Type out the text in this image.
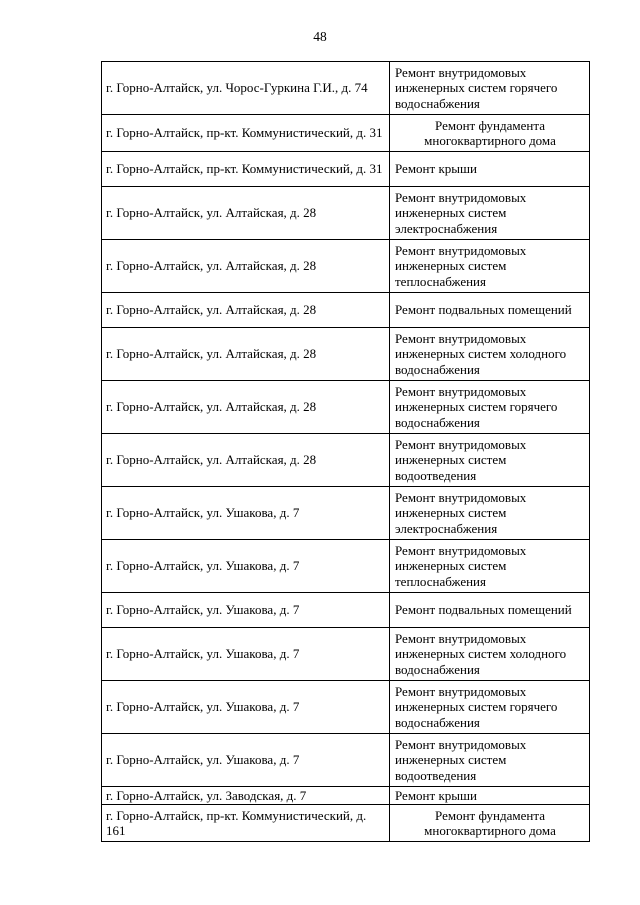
48
г. Горно-Алтайск, ул. Чорос-Гуркина Г.И., д. 74	Ремонт внутридомовых инженерных систем горячего водоснабжения
г. Горно-Алтайск, пр-кт. Коммунистический, д. 31	Ремонт фундамента многоквартирного дома
г. Горно-Алтайск, пр-кт. Коммунистический, д. 31	Ремонт крыши
г. Горно-Алтайск, ул. Алтайская, д. 28	Ремонт внутридомовых инженерных систем электроснабжения
г. Горно-Алтайск, ул. Алтайская, д. 28	Ремонт внутридомовых инженерных систем теплоснабжения
г. Горно-Алтайск, ул. Алтайская, д. 28	Ремонт подвальных помещений
г. Горно-Алтайск, ул. Алтайская, д. 28	Ремонт внутридомовых инженерных систем холодного водоснабжения
г. Горно-Алтайск, ул. Алтайская, д. 28	Ремонт внутридомовых инженерных систем горячего водоснабжения
г. Горно-Алтайск, ул. Алтайская, д. 28	Ремонт внутридомовых инженерных систем водоотведения
г. Горно-Алтайск, ул. Ушакова, д. 7	Ремонт внутридомовых инженерных систем электроснабжения
г. Горно-Алтайск, ул. Ушакова, д. 7	Ремонт внутридомовых инженерных систем теплоснабжения
г. Горно-Алтайск, ул. Ушакова, д. 7	Ремонт подвальных помещений
г. Горно-Алтайск, ул. Ушакова, д. 7	Ремонт внутридомовых инженерных систем холодного водоснабжения
г. Горно-Алтайск, ул. Ушакова, д. 7	Ремонт внутридомовых инженерных систем горячего водоснабжения
г. Горно-Алтайск, ул. Ушакова, д. 7	Ремонт внутридомовых инженерных систем водоотведения
г. Горно-Алтайск, ул. Заводская, д. 7	Ремонт крыши
г. Горно-Алтайск, пр-кт. Коммунистический, д. 161	Ремонт фундамента многоквартирного дома
